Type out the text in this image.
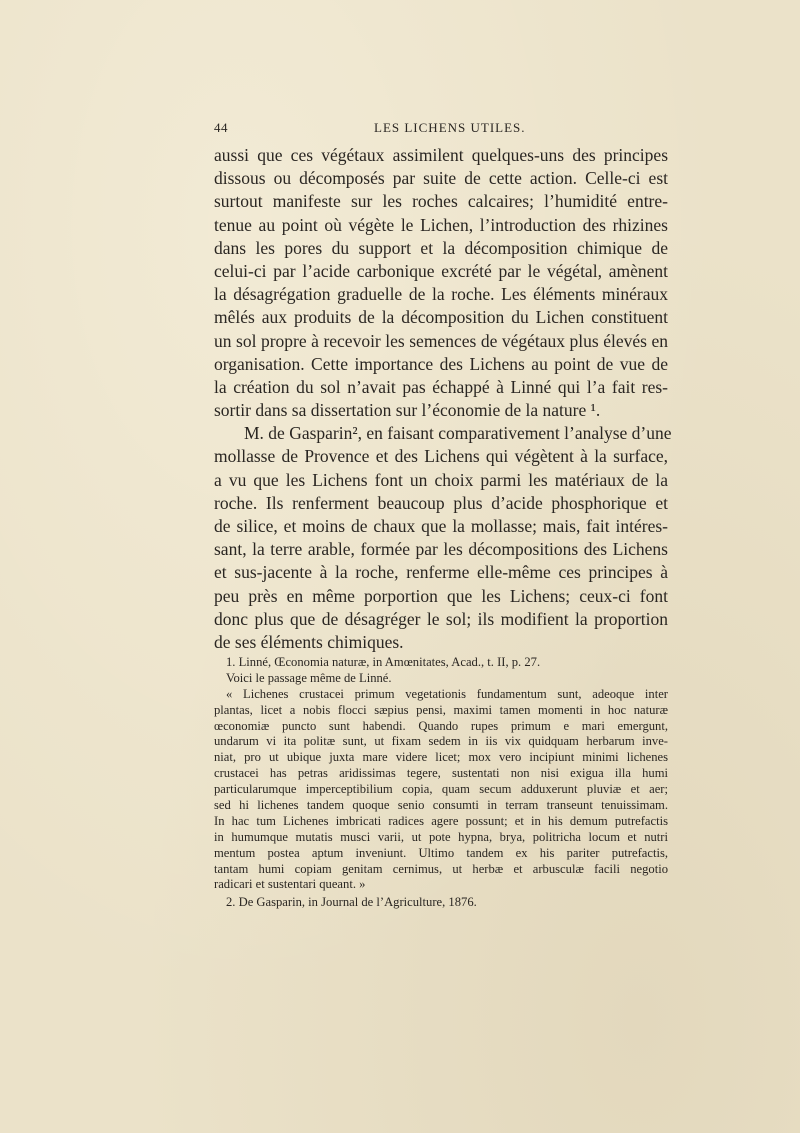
44	LES LICHENS UTILES.
aussi que ces végétaux assimilent quelques-uns des principes
dissous ou décomposés par suite de cette action. Celle-ci est
surtout manifeste sur les roches calcaires; l’humidité entre-
tenue au point où végète le Lichen, l’introduction des rhizines
dans les pores du support et la décomposition chimique de
celui-ci par l’acide carbonique excrété par le végétal, amènent
la désagrégation graduelle de la roche. Les éléments minéraux
mêlés aux produits de la décomposition du Lichen constituent
un sol propre à recevoir les semences de végétaux plus élevés en
organisation. Cette importance des Lichens au point de vue de
la création du sol n’avait pas échappé à Linné qui l’a fait res-
sortir dans sa dissertation sur l’économie de la nature ¹.
M. de Gasparin², en faisant comparativement l’analyse d’une
mollasse de Provence et des Lichens qui végètent à la surface,
a vu que les Lichens font un choix parmi les matériaux de la
roche. Ils renferment beaucoup plus d’acide phosphorique et
de silice, et moins de chaux que la mollasse; mais, fait intéres-
sant, la terre arable, formée par les décompositions des Lichens
et sus-jacente à la roche, renferme elle-même ces principes à
peu près en même porportion que les Lichens; ceux-ci font
donc plus que de désagréger le sol; ils modifient la proportion
de ses éléments chimiques.
1. Linné, Œconomia naturæ, in Amœnitates, Acad., t. II, p. 27.
Voici le passage même de Linné.
« Lichenes crustacei primum vegetationis fundamentum sunt, adeoque inter
plantas, licet a nobis flocci sæpius pensi, maximi tamen momenti in hoc naturæ
œconomiæ puncto sunt habendi. Quando rupes primum e mari emergunt,
undarum vi ita politæ sunt, ut fixam sedem in iis vix quidquam herbarum inve-
niat, pro ut ubique juxta mare videre licet; mox vero incipiunt minimi lichenes
crustacei has petras aridissimas tegere, sustentati non nisi exigua illa humi
particularumque imperceptibilium copia, quam secum adduxerunt pluviæ et aer;
sed hi lichenes tandem quoque senio consumti in terram transeunt tenuissimam.
In hac tum Lichenes imbricati radices agere possunt; et in his demum putrefactis
in humumque mutatis musci varii, ut pote hypna, brya, politricha locum et nutri
mentum postea aptum inveniunt. Ultimo tandem ex his pariter putrefactis,
tantam humi copiam genitam cernimus, ut herbæ et arbusculæ facili negotio
radicari et sustentari queant. »
2. De Gasparin, in Journal de l’Agriculture, 1876.
